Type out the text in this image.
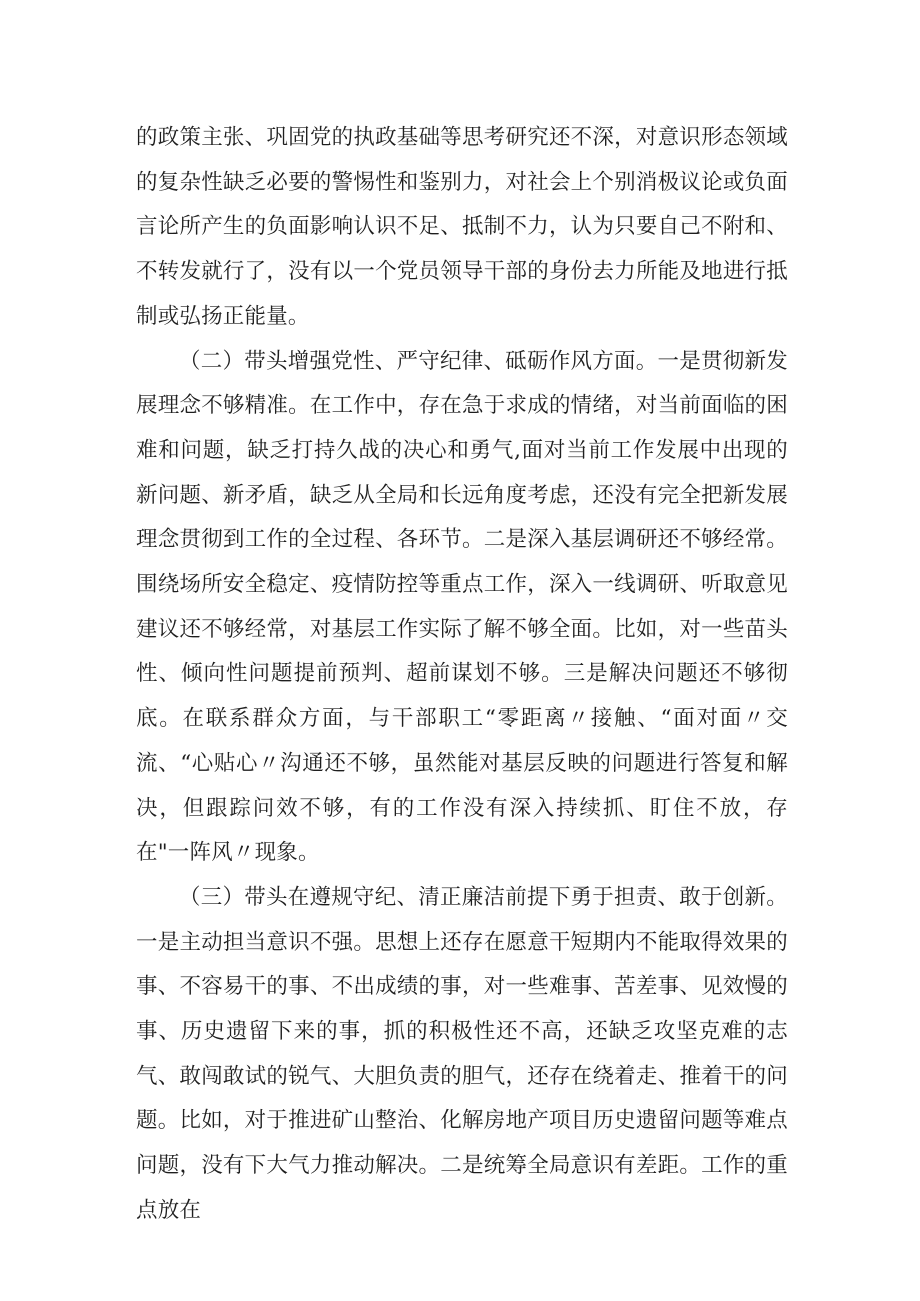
的政策主张、巩固党的执政基础等思考研究还不深，对意识形态领域的复杂性缺乏必要的警惕性和鉴别力，对社会上个别消极议论或负面言论所产生的负面影响认识不足、抵制不力，认为只要自己不附和、不转发就行了，没有以一个党员领导干部的身份去力所能及地进行抵制或弘扬正能量。

（二）带头增强党性、严守纪律、砥砺作风方面。一是贯彻新发展理念不够精准。在工作中，存在急于求成的情绪，对当前面临的困难和问题，缺乏打持久战的决心和勇气,面对当前工作发展中出现的新问题、新矛盾，缺乏从全局和长远角度考虑，还没有完全把新发展理念贯彻到工作的全过程、各环节。二是深入基层调研还不够经常。围绕场所安全稳定、疫情防控等重点工作，深入一线调研、听取意见建议还不够经常，对基层工作实际了解不够全面。比如，对一些苗头性、倾向性问题提前预判、超前谋划不够。三是解决问题还不够彻底。在联系群众方面，与干部职工“零距离〃接触、“面对面〃交流、“心贴心〃沟通还不够，虽然能对基层反映的问题进行答复和解决，但跟踪问效不够，有的工作没有深入持续抓、盯住不放，存在"一阵风〃现象。

（三）带头在遵规守纪、清正廉洁前提下勇于担责、敢于创新。一是主动担当意识不强。思想上还存在愿意干短期内不能取得效果的事、不容易干的事、不出成绩的事，对一些难事、苦差事、见效慢的事、历史遗留下来的事，抓的积极性还不高，还缺乏攻坚克难的志气、敢闯敢试的锐气、大胆负责的胆气，还存在绕着走、推着干的问题。比如，对于推进矿山整治、化解房地产项目历史遗留问题等难点问题，没有下大气力推动解决。二是统筹全局意识有差距。工作的重点放在
